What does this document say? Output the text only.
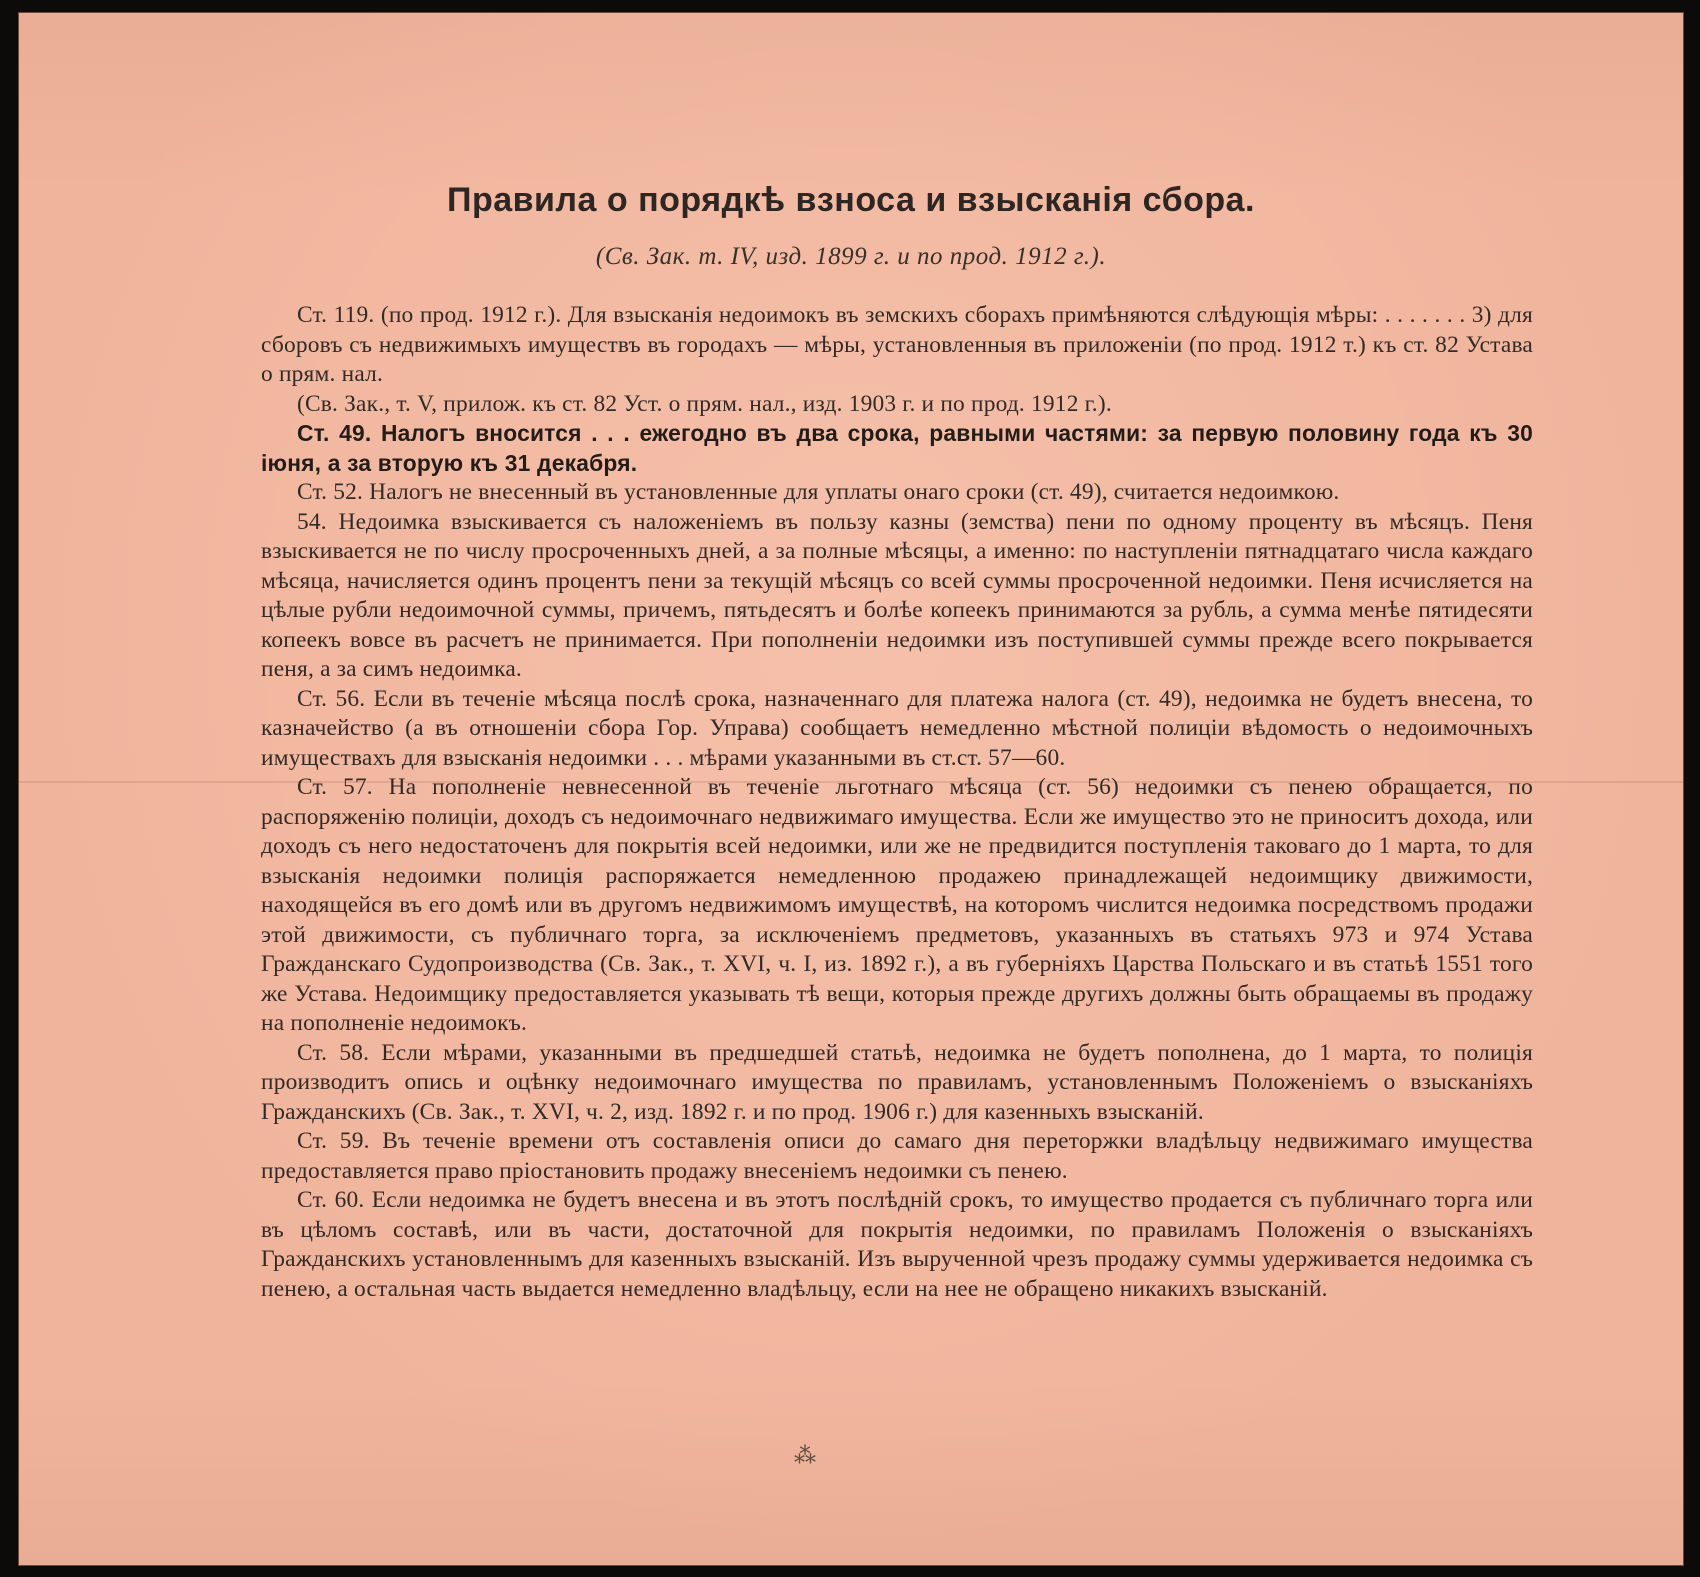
Правила о порядкѣ взноса и взысканія сбора.
(Св. Зак. т. IV, изд. 1899 г. и по прод. 1912 г.).

Ст. 119. (по прод. 1912 г.). Для взысканія недоимокъ въ земскихъ сборахъ примѣняются слѣдующія мѣры: . . . . . . . 3) для сборовъ съ недвижимыхъ имуществъ въ городахъ — мѣры, установленныя въ приложеніи (по прод. 1912 т.) къ ст. 82 Устава о прям. нал.

(Св. Зак., т. V, прилож. къ ст. 82 Уст. о прям. нал., изд. 1903 г. и по прод. 1912 г.).

Ст. 49. Налогъ вносится . . . ежегодно въ два срока, равными частями: за первую половину года къ 30 іюня, а за вторую къ 31 декабря.

Ст. 52. Налогъ не внесенный въ установленные для уплаты онаго сроки (ст. 49), считается недоимкою.

54. Недоимка взыскивается съ наложеніемъ въ пользу казны (земства) пени по одному проценту въ мѣсяцъ. Пеня взыскивается не по числу просроченныхъ дней, а за полные мѣсяцы, а именно: по наступленіи пятнадцатаго числа каждаго мѣсяца, начисляется одинъ процентъ пени за текущій мѣсяцъ со всей суммы просроченной недоимки. Пеня исчисляется на цѣлые рубли недоимочной суммы, причемъ, пятьдесятъ и болѣе копеекъ принимаются за рубль, а сумма менѣе пятидесяти копеекъ вовсе въ расчетъ не принимается. При пополненіи недоимки изъ поступившей суммы прежде всего покрывается пеня, а за симъ недоимка.

Ст. 56. Если въ теченіе мѣсяца послѣ срока, назначеннаго для платежа налога (ст. 49), недоимка не будетъ внесена, то казначейство (а въ отношеніи сбора Гор. Управа) сообщаетъ немедленно мѣстной полиціи вѣдомость о недоимочныхъ имуществахъ для взысканія недоимки . . . мѣрами указанными въ ст.ст. 57—60.

Ст. 57. На пополненіе невнесенной въ теченіе льготнаго мѣсяца (ст. 56) недоимки съ пенею обращается, по распоряженію полиціи, доходъ съ недоимочнаго недвижимаго имущества. Если же имущество это не приноситъ дохода, или доходъ съ него недостаточенъ для покрытія всей недоимки, или же не предвидится поступленія таковаго до 1 марта, то для взысканія недоимки полиція распоряжается немедленною продажею принадлежащей недоимщику движимости, находящейся въ его домѣ или въ другомъ недвижимомъ имуществѣ, на которомъ числится недоимка посредствомъ продажи этой движимости, съ публичнаго торга, за исключеніемъ предметовъ, указанныхъ въ статьяхъ 973 и 974 Устава Гражданскаго Судопроизводства (Св. Зак., т. XVI, ч. I, из. 1892 г.), а въ губерніяхъ Царства Польскаго и въ статьѣ 1551 того же Устава. Недоимщику предоставляется указывать тѣ вещи, которыя прежде другихъ должны быть обращаемы въ продажу на пополненіе недоимокъ.

Ст. 58. Если мѣрами, указанными въ предшедшей статьѣ, недоимка не будетъ пополнена, до 1 марта, то полиція производитъ опись и оцѣнку недоимочнаго имущества по правиламъ, установленнымъ Положеніемъ о взысканіяхъ Гражданскихъ (Св. Зак., т. XVI, ч. 2, изд. 1892 г. и по прод. 1906 г.) для казенныхъ взысканій.

Ст. 59. Въ теченіе времени отъ составленія описи до самаго дня переторжки владѣльцу недвижимаго имущества предоставляется право пріостановить продажу внесеніемъ недоимки съ пенею.

Ст. 60. Если недоимка не будетъ внесена и въ этотъ послѣдній срокъ, то имущество продается съ публичнаго торга или въ цѣломъ составѣ, или въ части, достаточной для покрытія недоимки, по правиламъ Положенія о взысканіяхъ Гражданскихъ установленнымъ для казенныхъ взысканій. Изъ вырученной чрезъ продажу суммы удерживается недоимка съ пенею, а остальная часть выдается немедленно владѣльцу, если на нее не обращено никакихъ взысканій.

⁂
